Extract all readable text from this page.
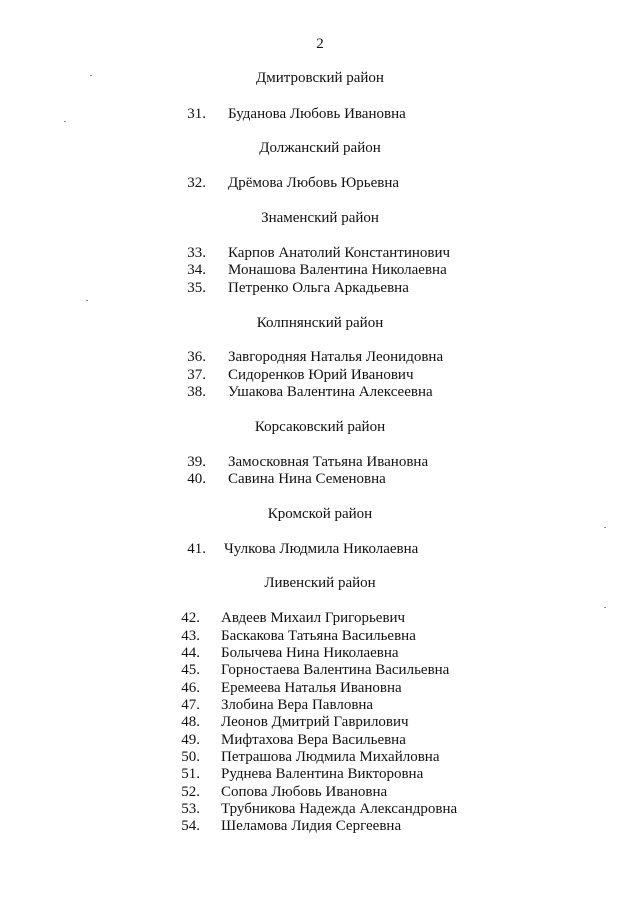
2
Дмитровский район
31. Буданова Любовь Ивановна
Должанский район
32. Дрёмова Любовь Юрьевна
Знаменский район
33. Карпов Анатолий Константинович
34. Монашова Валентина Николаевна
35. Петренко Ольга Аркадьевна
Колпнянский район
36. Завгородняя Наталья Леонидовна
37. Сидоренков Юрий Иванович
38. Ушакова Валентина Алексеевна
Корсаковский район
39. Замосковная Татьяна Ивановна
40. Савина Нина Семеновна
Кромской район
41. Чулкова Людмила Николаевна
Ливенский район
42. Авдеев Михаил Григорьевич
43. Баскакова Татьяна Васильевна
44. Болычева Нина Николаевна
45. Горностаева Валентина Васильевна
46. Еремеева Наталья Ивановна
47. Злобина Вера Павловна
48. Леонов Дмитрий Гаврилович
49. Мифтахова Вера Васильевна
50. Петрашова Людмила Михайловна
51. Руднева Валентина Викторовна
52. Сопова Любовь Ивановна
53. Трубникова Надежда Александровна
54. Шеламова Лидия Сергеевна
